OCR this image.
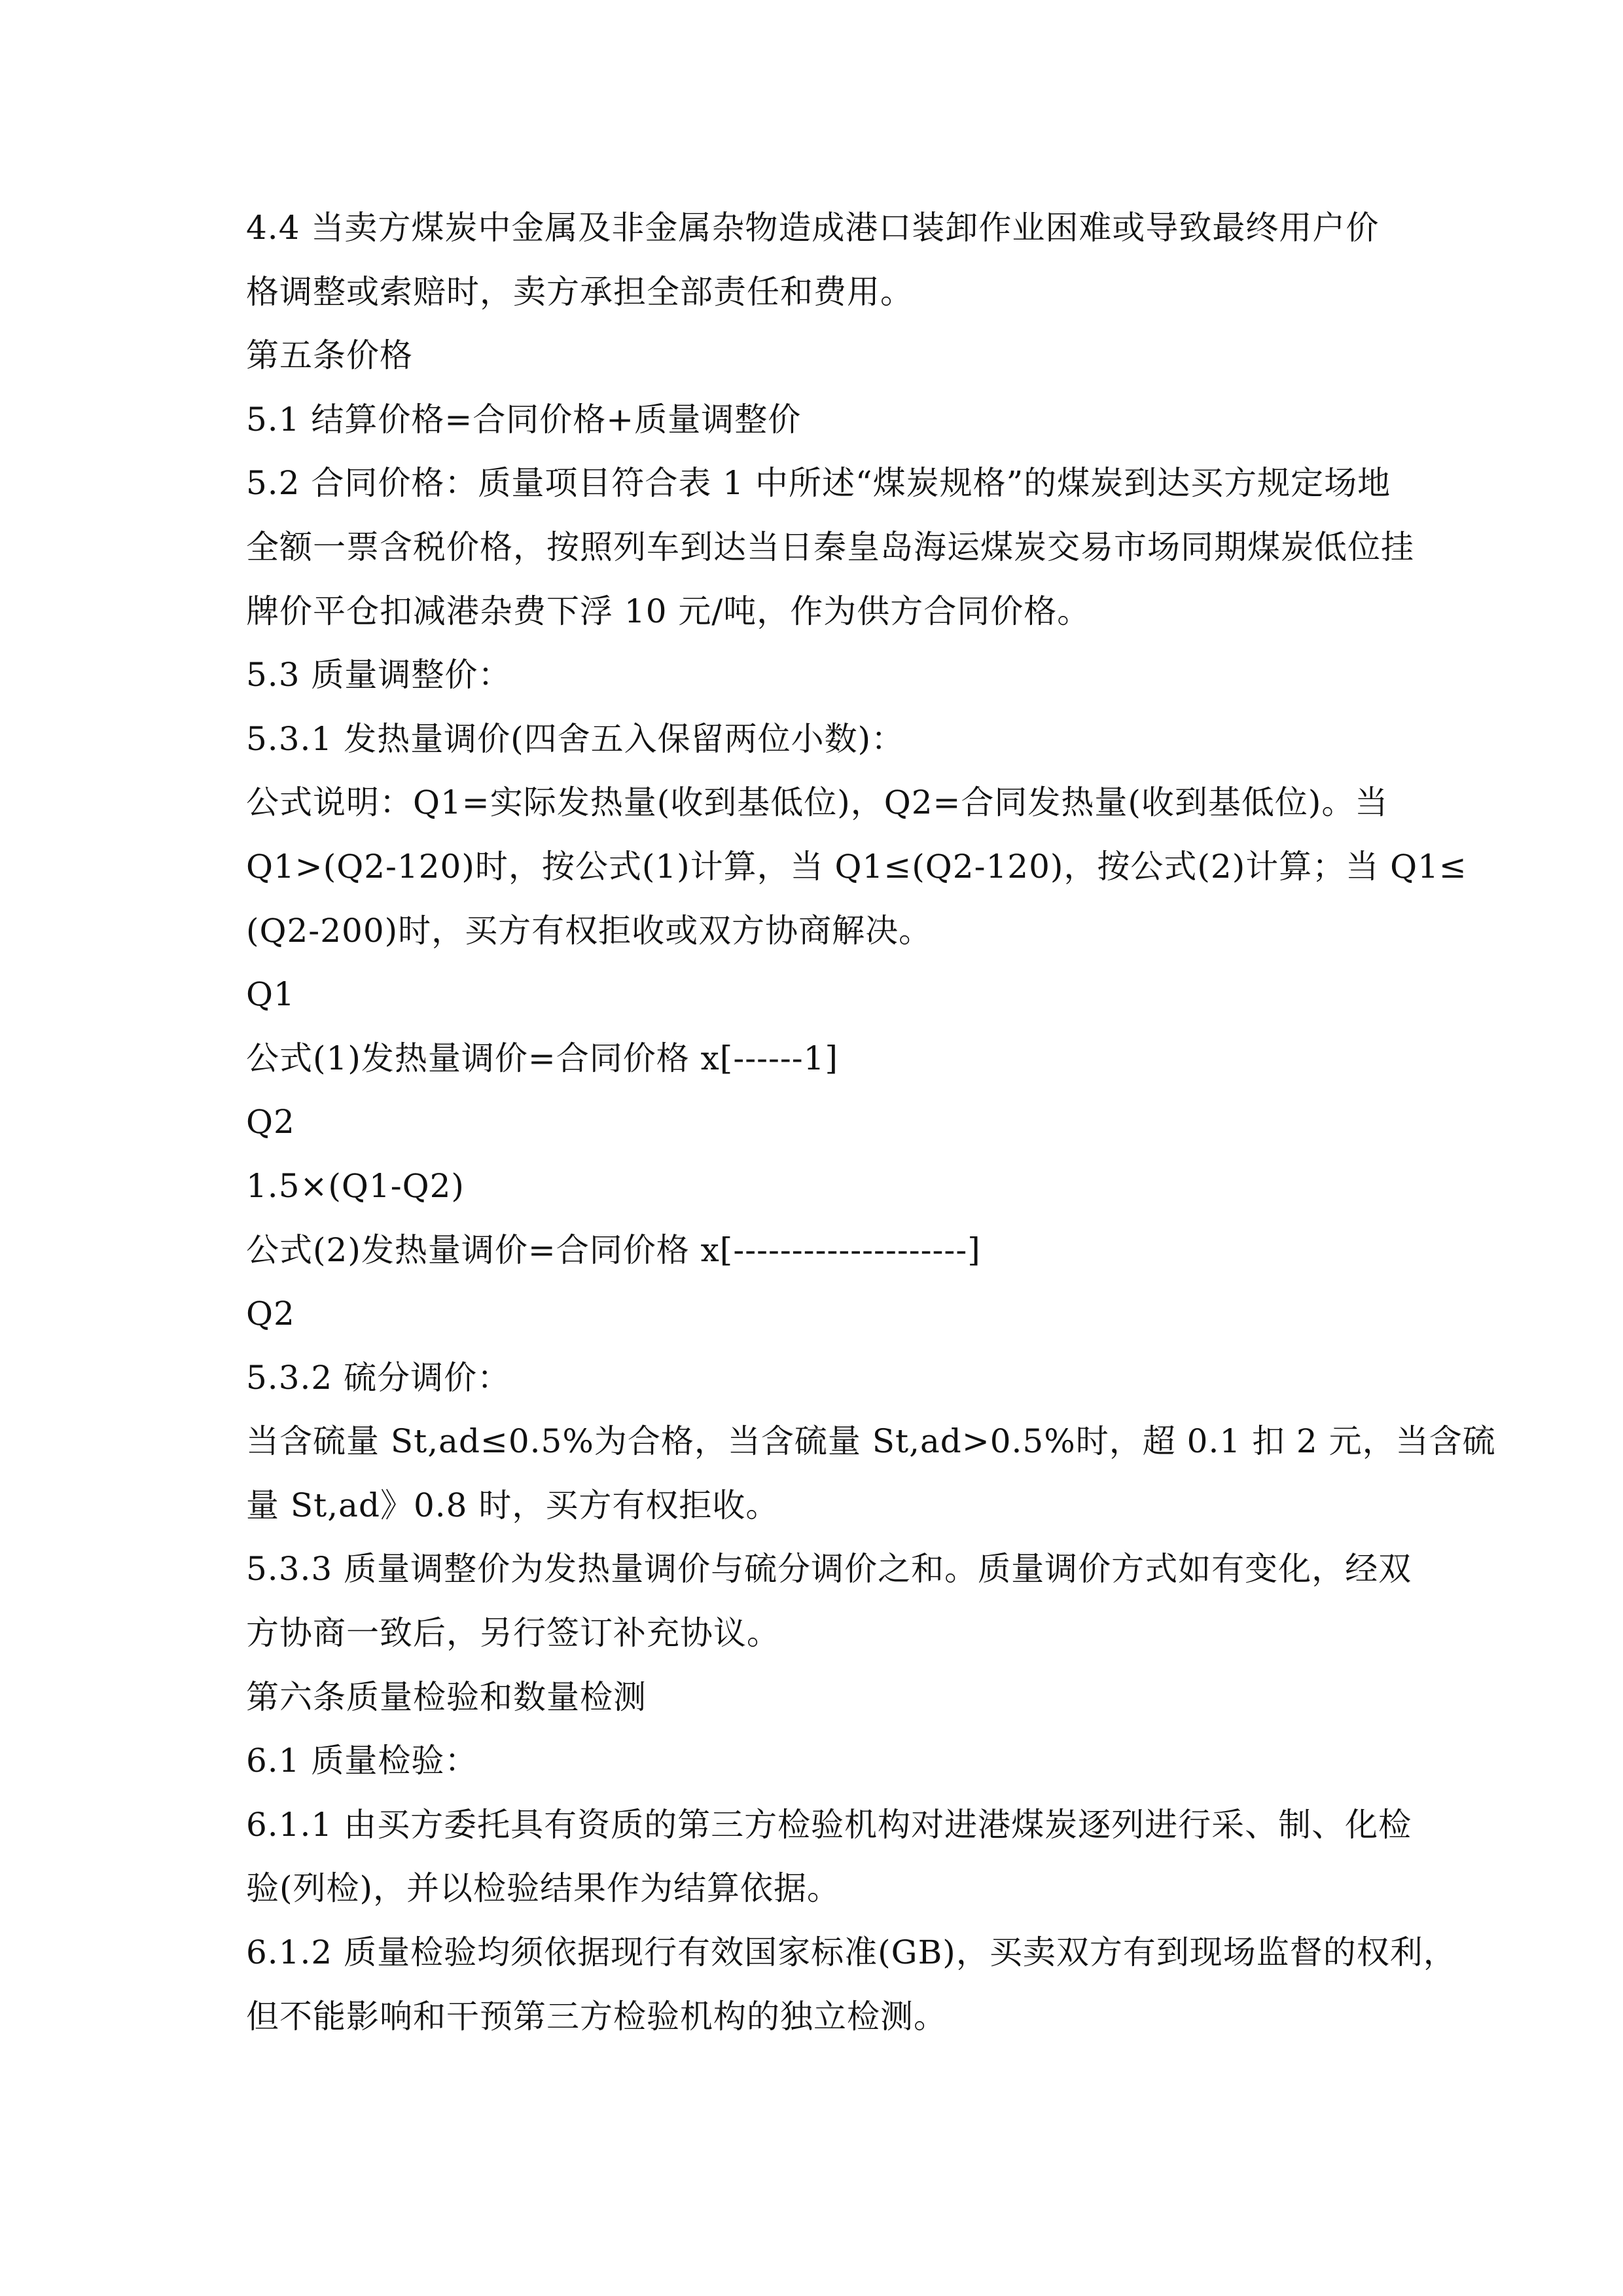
4.4 当卖方煤炭中金属及非金属杂物造成港口装卸作业困难或导致最终用户价
格调整或索赔时，卖方承担全部责任和费用。
第五条价格
5.1 结算价格=合同价格+质量调整价
5.2 合同价格：质量项目符合表 1 中所述“煤炭规格”的煤炭到达买方规定场地
全额一票含税价格，按照列车到达当日秦皇岛海运煤炭交易市场同期煤炭低位挂
牌价平仓扣减港杂费下浮 10 元/吨，作为供方合同价格。
5.3 质量调整价：
5.3.1 发热量调价(四舍五入保留两位小数)：
公式说明：Q1=实际发热量(收到基低位)，Q2=合同发热量(收到基低位)。当
Q1>(Q2-120)时，按公式(1)计算，当 Q1≤(Q2-120)，按公式(2)计算；当 Q1≤
(Q2-200)时，买方有权拒收或双方协商解决。
Q1
公式(1)发热量调价=合同价格 x[------1]
Q2
1.5×(Q1-Q2)
公式(2)发热量调价=合同价格 x[--------------------]
Q2
5.3.2 硫分调价：
当含硫量 St,ad≤0.5%为合格，当含硫量 St,ad>0.5%时，超 0.1 扣 2 元，当含硫
量 St,ad》0.8 时，买方有权拒收。
5.3.3 质量调整价为发热量调价与硫分调价之和。质量调价方式如有变化，经双
方协商一致后，另行签订补充协议。
第六条质量检验和数量检测
6.1 质量检验：
6.1.1 由买方委托具有资质的第三方检验机构对进港煤炭逐列进行采、制、化检
验(列检)，并以检验结果作为结算依据。
6.1.2 质量检验均须依据现行有效国家标准(GB)，买卖双方有到现场监督的权利，
但不能影响和干预第三方检验机构的独立检测。
